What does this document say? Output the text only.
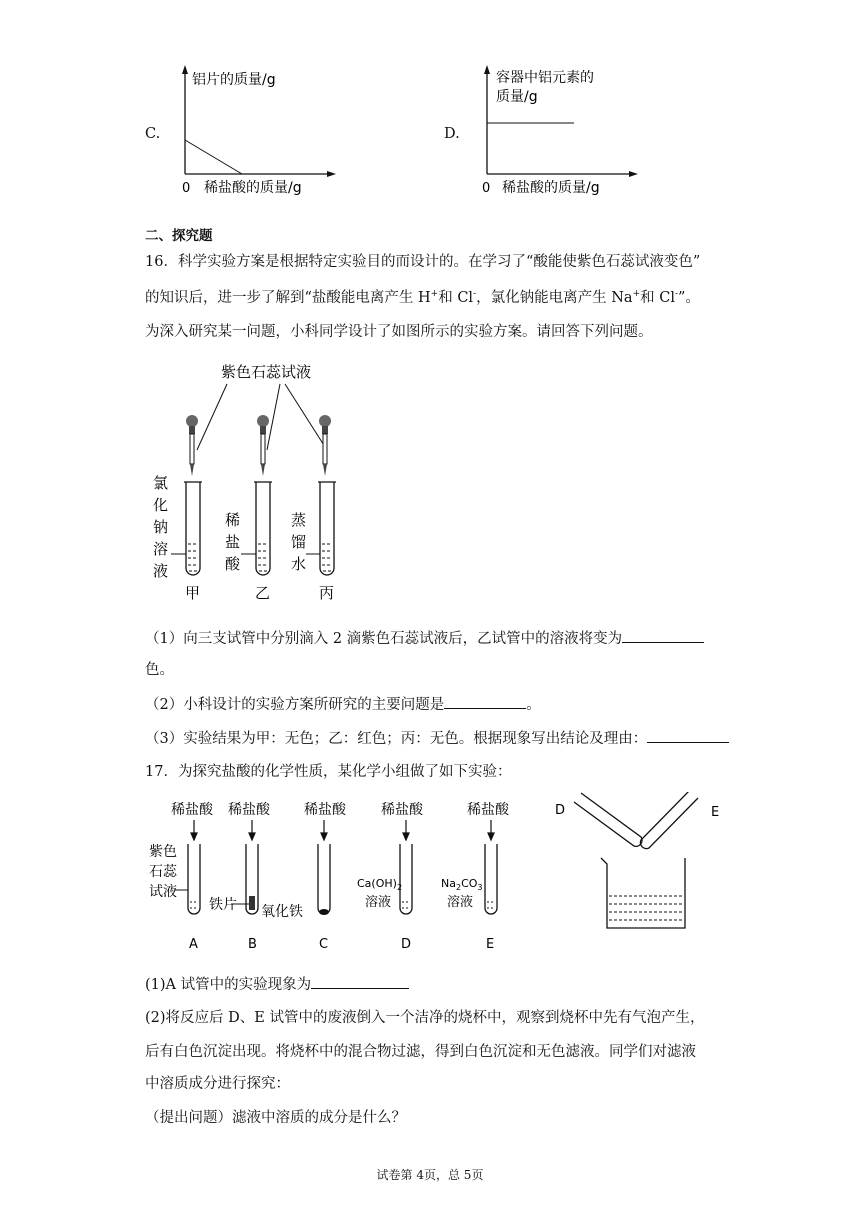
C.
铝片的质量/g
0 稀盐酸的质量/g
D.
容器中铝元素的
质量/g
0 稀盐酸的质量/g
二、探究题
16．科学实验方案是根据特定实验目的而设计的。在学习了“酸能使紫色石蕊试液变色”
的知识后，进一步了解到“盐酸能电离产生 H+和 Cl-，氯化钠能电离产生 Na+和 Cl-”。
为深入研究某一问题，小科同学设计了如图所示的实验方案。请回答下列问题。
紫色石蕊试液
氯 化 钠 溶 液
稀 盐 酸
蒸 馏 水
甲	乙	丙
（1）向三支试管中分别滴入 2 滴紫色石蕊试液后，乙试管中的溶液将变为
色。
（2）小科设计的实验方案所研究的主要问题是	。
（3）实验结果为甲：无色；乙：红色；丙：无色。根据现象写出结论及理由：
17．为探究盐酸的化学性质，某化学小组做了如下实验：
稀盐酸 稀盐酸 稀盐酸	稀盐酸	稀盐酸
紫色 石蕊 试液
铁片 氧化铁
$Ca(OH)_2$
溶液
$Na_2CO_3$
溶液
A	B	C	D	E
D	E
(1)A 试管中的实验现象为
(2)将反应后 D、E 试管中的废液倒入一个洁净的烧杯中，观察到烧杯中先有气泡产生，
后有白色沉淀出现。将烧杯中的混合物过滤，得到白色沉淀和无色滤液。同学们对滤液
中溶质成分进行探究：
（提出问题）滤液中溶质的成分是什么？
试卷第 4页，总 5页
